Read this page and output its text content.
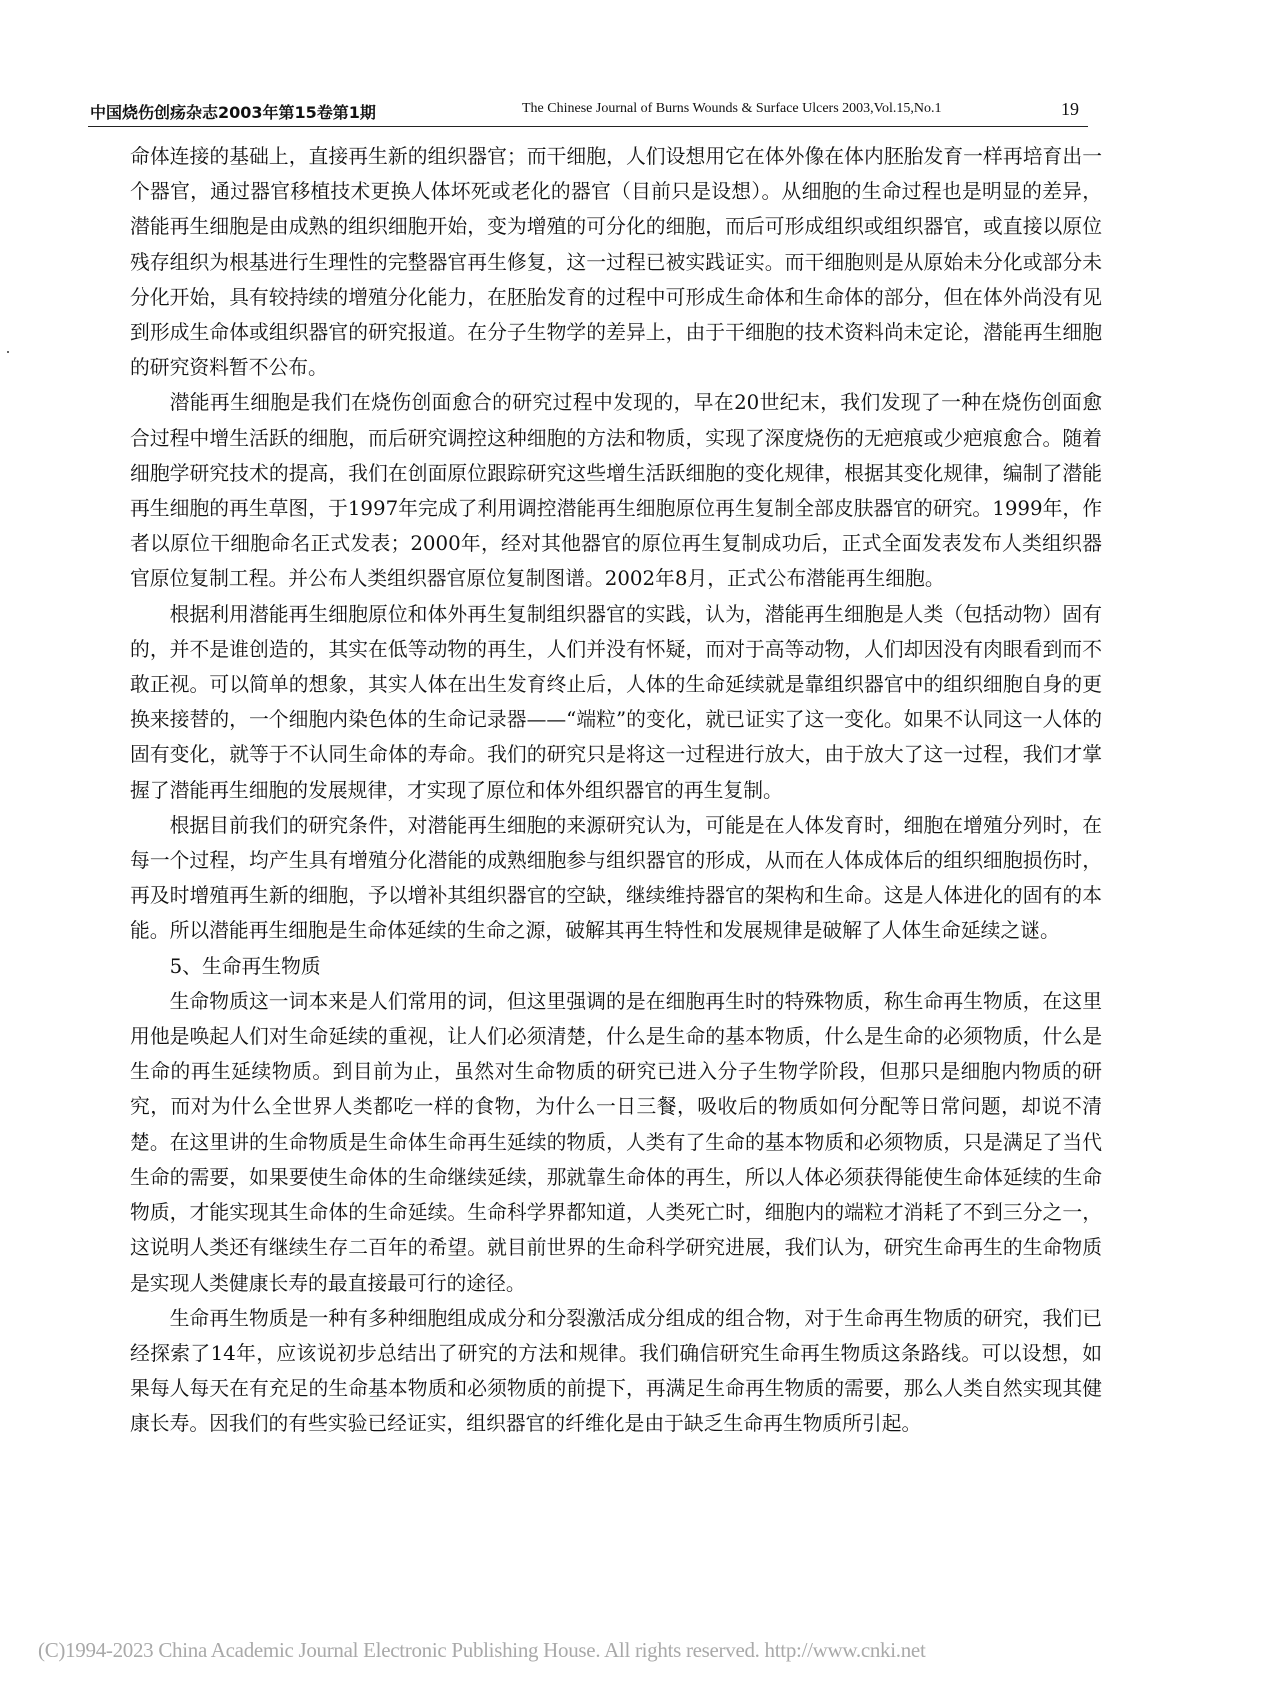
中国烧伤创疡杂志2003年第15卷第1期	The Chinese Journal of Burns Wounds & Surface Ulcers 2003,Vol.15,No.1	19

命体连接的基础上，直接再生新的组织器官；而干细胞，人们设想用它在体外像在体内胚胎发育一样再培育出一个器官，通过器官移植技术更换人体坏死或老化的器官（目前只是设想）。从细胞的生命过程也是明显的差异，潜能再生细胞是由成熟的组织细胞开始，变为增殖的可分化的细胞，而后可形成组织或组织器官，或直接以原位残存组织为根基进行生理性的完整器官再生修复，这一过程已被实践证实。而干细胞则是从原始未分化或部分未分化开始，具有较持续的增殖分化能力，在胚胎发育的过程中可形成生命体和生命体的部分，但在体外尚没有见到形成生命体或组织器官的研究报道。在分子生物学的差异上，由于干细胞的技术资料尚未定论，潜能再生细胞的研究资料暂不公布。

潜能再生细胞是我们在烧伤创面愈合的研究过程中发现的，早在20世纪末，我们发现了一种在烧伤创面愈合过程中增生活跃的细胞，而后研究调控这种细胞的方法和物质，实现了深度烧伤的无疤痕或少疤痕愈合。随着细胞学研究技术的提高，我们在创面原位跟踪研究这些增生活跃细胞的变化规律，根据其变化规律，编制了潜能再生细胞的再生草图，于1997年完成了利用调控潜能再生细胞原位再生复制全部皮肤器官的研究。1999年，作者以原位干细胞命名正式发表；2000年，经对其他器官的原位再生复制成功后，正式全面发表发布人类组织器官原位复制工程。并公布人类组织器官原位复制图谱。2002年8月，正式公布潜能再生细胞。

根据利用潜能再生细胞原位和体外再生复制组织器官的实践，认为，潜能再生细胞是人类（包括动物）固有的，并不是谁创造的，其实在低等动物的再生，人们并没有怀疑，而对于高等动物，人们却因没有肉眼看到而不敢正视。可以简单的想象，其实人体在出生发育终止后，人体的生命延续就是靠组织器官中的组织细胞自身的更换来接替的，一个细胞内染色体的生命记录器——“端粒”的变化，就已证实了这一变化。如果不认同这一人体的固有变化，就等于不认同生命体的寿命。我们的研究只是将这一过程进行放大，由于放大了这一过程，我们才掌握了潜能再生细胞的发展规律，才实现了原位和体外组织器官的再生复制。

根据目前我们的研究条件，对潜能再生细胞的来源研究认为，可能是在人体发育时，细胞在增殖分列时，在每一个过程，均产生具有增殖分化潜能的成熟细胞参与组织器官的形成，从而在人体成体后的组织细胞损伤时，再及时增殖再生新的细胞，予以增补其组织器官的空缺，继续维持器官的架构和生命。这是人体进化的固有的本能。所以潜能再生细胞是生命体延续的生命之源，破解其再生特性和发展规律是破解了人体生命延续之谜。

5、生命再生物质

生命物质这一词本来是人们常用的词，但这里强调的是在细胞再生时的特殊物质，称生命再生物质，在这里用他是唤起人们对生命延续的重视，让人们必须清楚，什么是生命的基本物质，什么是生命的必须物质，什么是生命的再生延续物质。到目前为止，虽然对生命物质的研究已进入分子生物学阶段，但那只是细胞内物质的研究，而对为什么全世界人类都吃一样的食物，为什么一日三餐，吸收后的物质如何分配等日常问题，却说不清楚。在这里讲的生命物质是生命体生命再生延续的物质，人类有了生命的基本物质和必须物质，只是满足了当代生命的需要，如果要使生命体的生命继续延续，那就靠生命体的再生，所以人体必须获得能使生命体延续的生命物质，才能实现其生命体的生命延续。生命科学界都知道，人类死亡时，细胞内的端粒才消耗了不到三分之一，这说明人类还有继续生存二百年的希望。就目前世界的生命科学研究进展，我们认为，研究生命再生的生命物质是实现人类健康长寿的最直接最可行的途径。

生命再生物质是一种有多种细胞组成成分和分裂激活成分组成的组合物，对于生命再生物质的研究，我们已经探索了14年，应该说初步总结出了研究的方法和规律。我们确信研究生命再生物质这条路线。可以设想，如果每人每天在有充足的生命基本物质和必须物质的前提下，再满足生命再生物质的需要，那么人类自然实现其健康长寿。因我们的有些实验已经证实，组织器官的纤维化是由于缺乏生命再生物质所引起。

(C)1994-2023 China Academic Journal Electronic Publishing House. All rights reserved. http://www.cnki.net
